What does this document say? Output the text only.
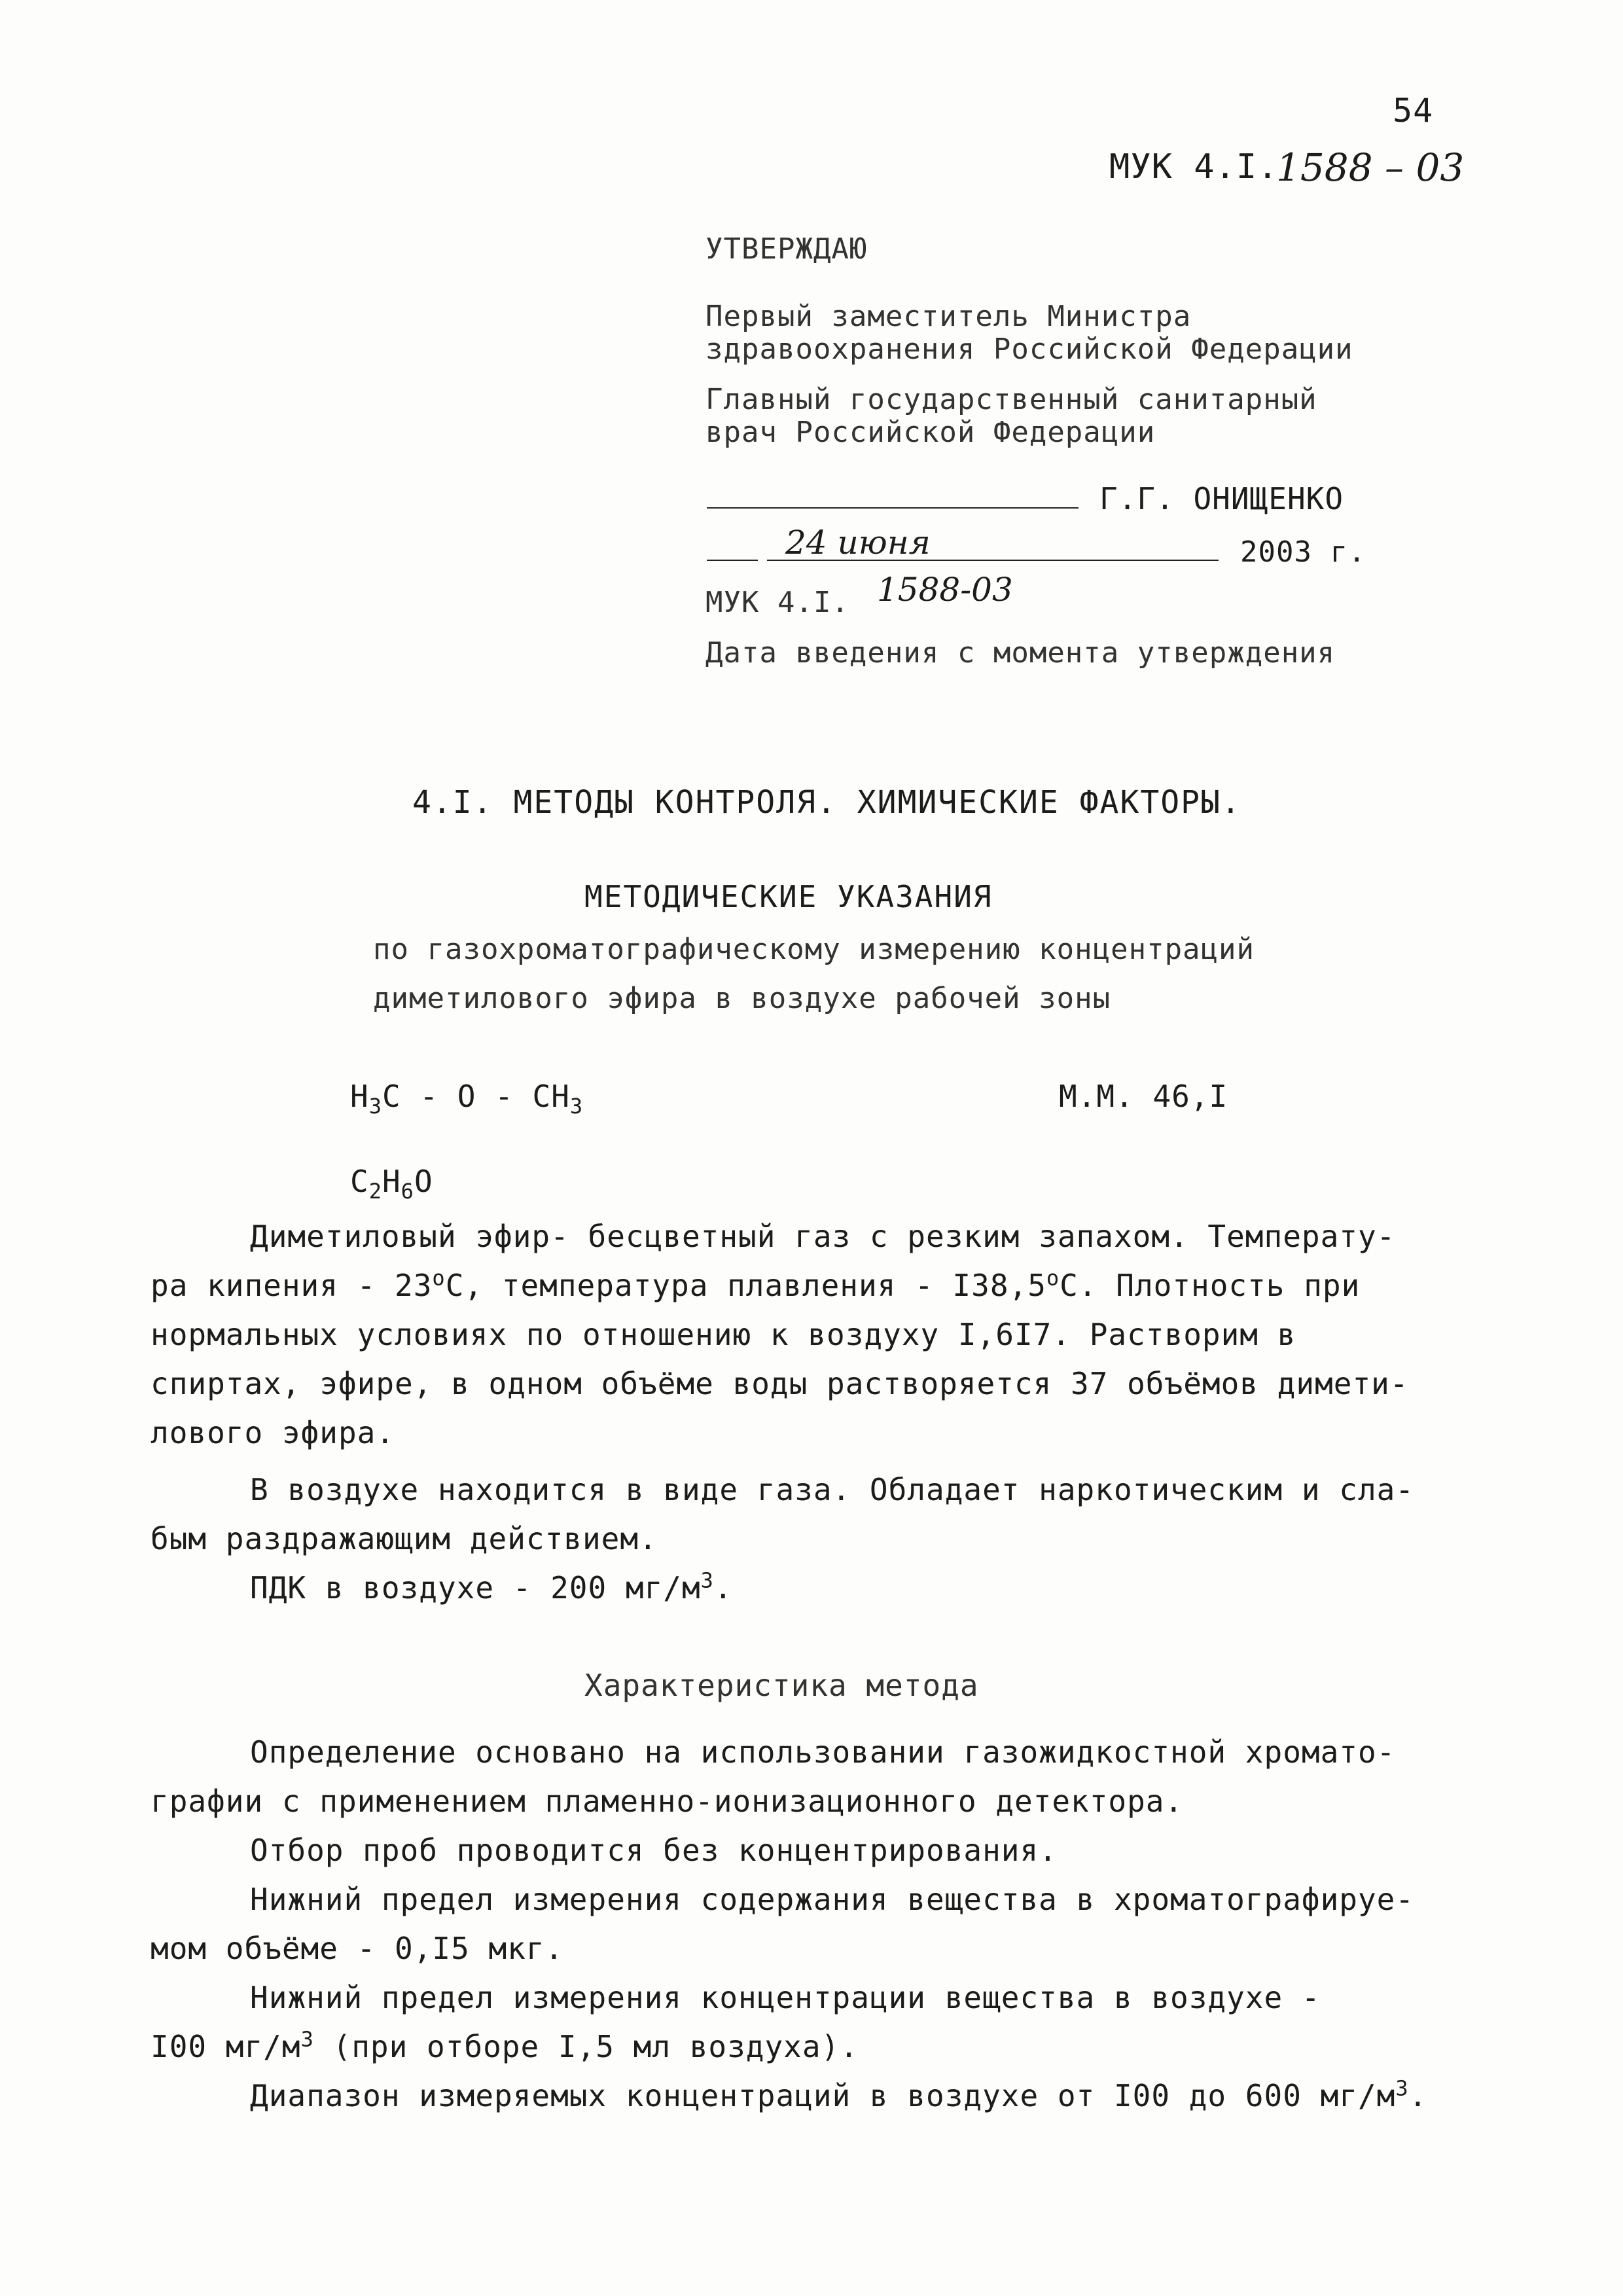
54
МУК 4.I.
1588 – 03
УТВЕРЖДАЮ
Первый заместитель Министра
здравоохранения Российской Федерации
Главный государственный санитарный
врач Российской Федерации
Г.Г. ОНИЩЕНКО
24 июня	2003 г.
МУК 4.I. 1588-03
Дата введения с момента утверждения
4.I. МЕТОДЫ КОНТРОЛЯ. ХИМИЧЕСКИЕ ФАКТОРЫ.
МЕТОДИЧЕСКИЕ УКАЗАНИЯ
по газохроматографическому измерению концентраций
диметилового эфира в воздухе рабочей зоны
$H_3C$ - O - $CH_3$	М.М. 46,I
$C_2H_6O$
Диметиловый эфир- бесцветный газ с резким запахом. Температу-
ра кипения - 23$^o$С, температура плавления - I38,5$^o$С. Плотность при
нормальных условиях по отношению к воздуху I,6I7. Растворим в
спиртах, эфире, в одном объёме воды растворяется 37 объёмов димети-
лового эфира.
В воздухе находится в виде газа. Обладает наркотическим и сла-
бым раздражающим действием.
ПДК в воздухе - 200 $мг/м^3$.
Характеристика метода
Определение основано на использовании газожидкостной хромато-
графии с применением пламенно-ионизационного детектора.
Отбор проб проводится без концентрирования.
Нижний предел измерения содержания вещества в хроматографируе-
мом объёме - 0,I5 мкг.
Нижний предел измерения концентрации вещества в воздухе -
I00 $мг/м^3$ (при отборе I,5 мл воздуха).
Диапазон измеряемых концентраций в воздухе от I00 до 600 $мг/м^3$.
